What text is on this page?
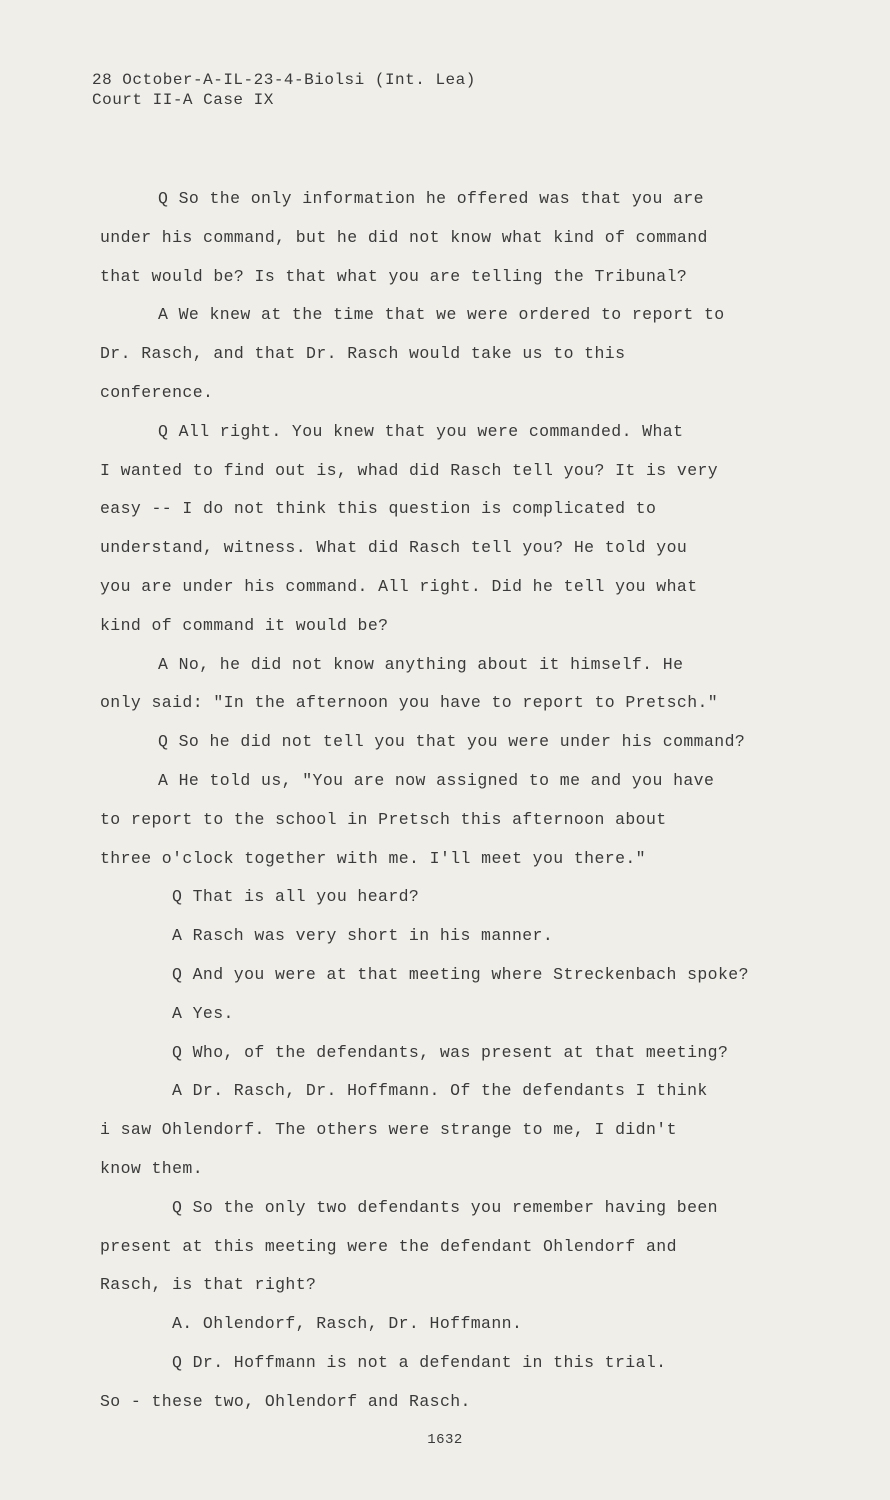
28 October-A-IL-23-4-Biolsi (Int. Lea)
Court II-A Case IX
Q So the only information he offered was that you are
under his command, but he did not know what kind of command
that would be? Is that what you are telling the Tribunal?
A We knew at the time that we were ordered to report to
Dr. Rasch, and that Dr. Rasch would take us to this
conference.
Q All right. You knew that you were commanded. What
I wanted to find out is, whad did Rasch tell you? It is very
easy -- I do not think this question is complicated to
understand, witness. What did Rasch tell you? He told you
you are under his command. All right. Did he tell you what
kind of command it would be?
A No, he did not know anything about it himself. He
only said: "In the afternoon you have to report to Pretsch."
Q So he did not tell you that you were under his command?
A He told us, "You are now assigned to me and you have
to report to the school in Pretsch this afternoon about
three o'clock together with me. I'll meet you there."
Q That is all you heard?
A Rasch was very short in his manner.
Q And you were at that meeting where Streckenbach spoke?
A Yes.
Q Who, of the defendants, was present at that meeting?
A Dr. Rasch, Dr. Hoffmann. Of the defendants I think
i saw Ohlendorf. The others were strange to me, I didn't
know them.
Q So the only two defendants you remember having been
present at this meeting were the defendant Ohlendorf and
Rasch, is that right?
A. Ohlendorf, Rasch, Dr. Hoffmann.
Q Dr. Hoffmann is not a defendant in this trial.
So - these two, Ohlendorf and Rasch.
1632
